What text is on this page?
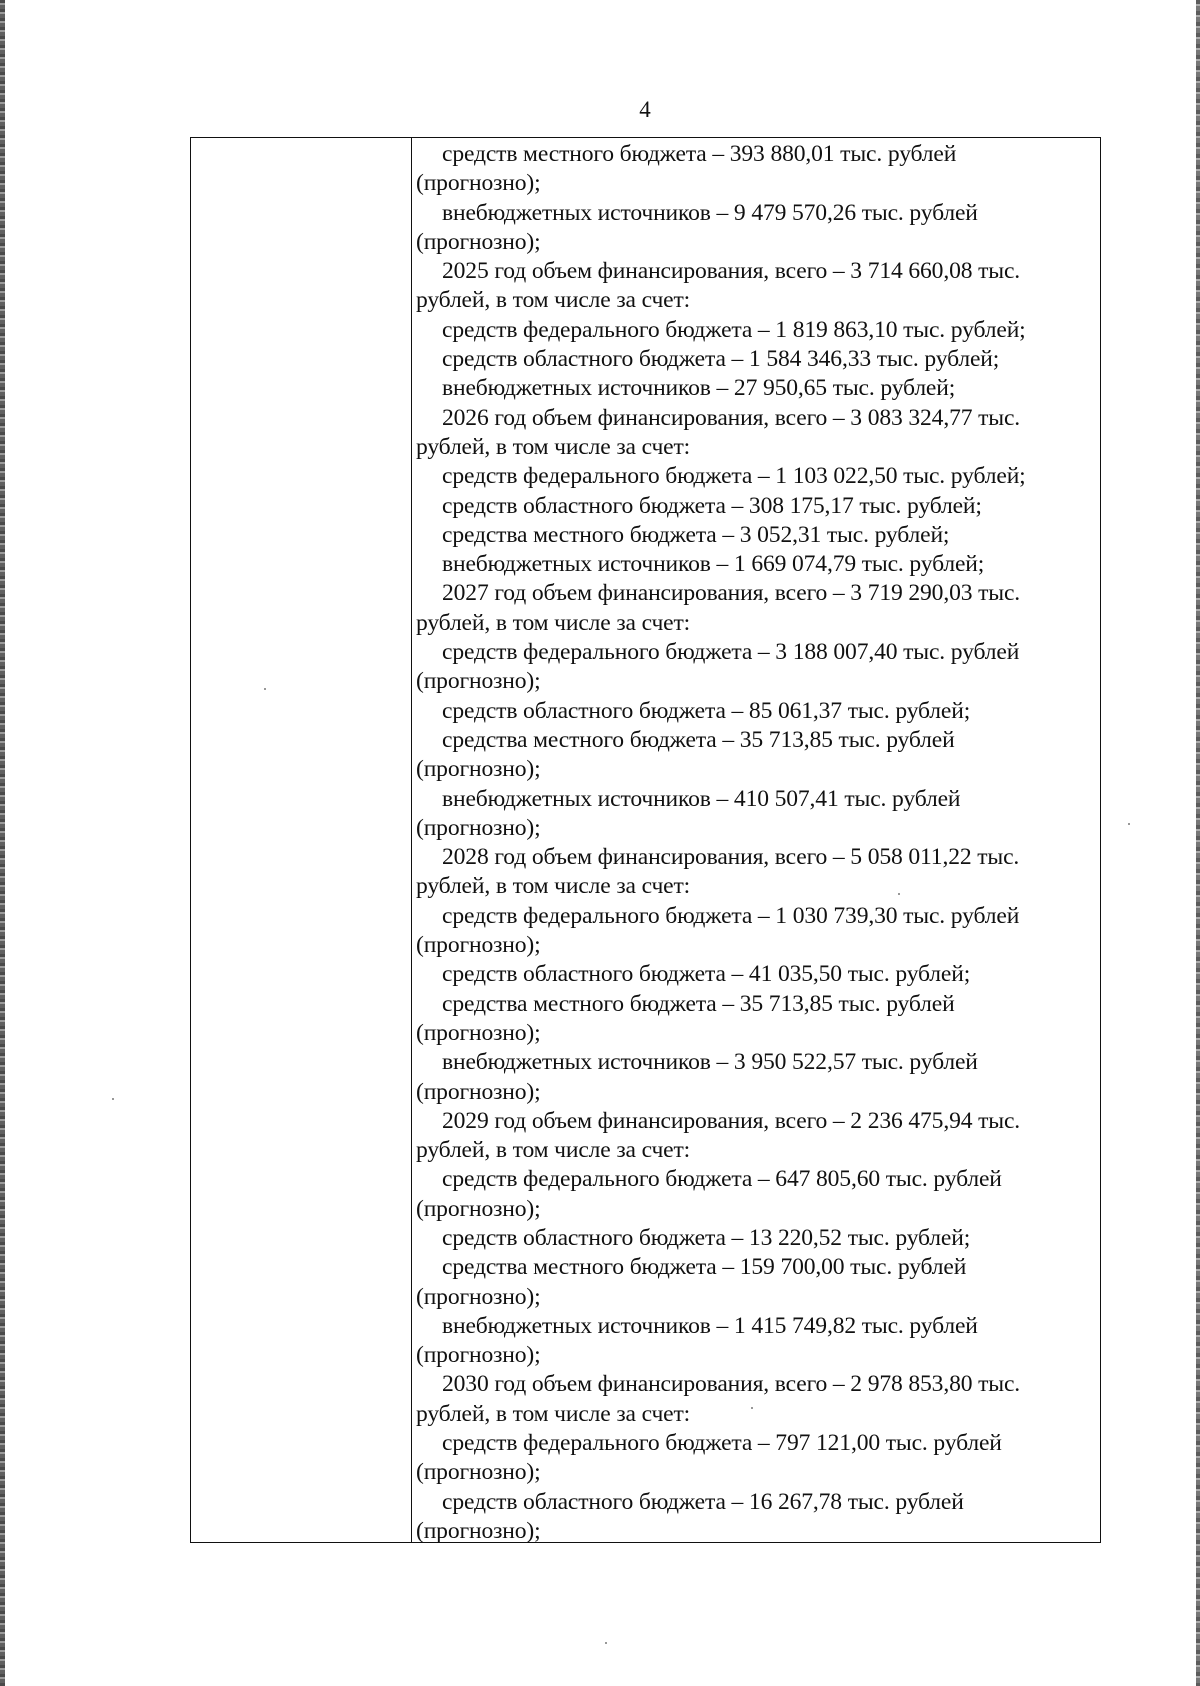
4
средств местного бюджета – 393 880,01 тыс. рублей
(прогнозно);
внебюджетных источников – 9 479 570,26 тыс. рублей
(прогнозно);
2025 год объем финансирования, всего – 3 714 660,08 тыс.
рублей, в том числе за счет:
средств федерального бюджета – 1 819 863,10 тыс. рублей;
средств областного бюджета – 1 584 346,33 тыс. рублей;
внебюджетных источников – 27 950,65 тыс. рублей;
2026 год объем финансирования, всего – 3 083 324,77 тыс.
рублей, в том числе за счет:
средств федерального бюджета – 1 103 022,50 тыс. рублей;
средств областного бюджета – 308 175,17 тыс. рублей;
средства местного бюджета – 3 052,31 тыс. рублей;
внебюджетных источников – 1 669 074,79 тыс. рублей;
2027 год объем финансирования, всего – 3 719 290,03 тыс.
рублей, в том числе за счет:
средств федерального бюджета – 3 188 007,40 тыс. рублей
(прогнозно);
средств областного бюджета – 85 061,37 тыс. рублей;
средства местного бюджета – 35 713,85 тыс. рублей
(прогнозно);
внебюджетных источников – 410 507,41 тыс. рублей
(прогнозно);
2028 год объем финансирования, всего – 5 058 011,22 тыс.
рублей, в том числе за счет:
средств федерального бюджета – 1 030 739,30 тыс. рублей
(прогнозно);
средств областного бюджета – 41 035,50 тыс. рублей;
средства местного бюджета – 35 713,85 тыс. рублей
(прогнозно);
внебюджетных источников – 3 950 522,57 тыс. рублей
(прогнозно);
2029 год объем финансирования, всего – 2 236 475,94 тыс.
рублей, в том числе за счет:
средств федерального бюджета – 647 805,60 тыс. рублей
(прогнозно);
средств областного бюджета – 13 220,52 тыс. рублей;
средства местного бюджета – 159 700,00 тыс. рублей
(прогнозно);
внебюджетных источников – 1 415 749,82 тыс. рублей
(прогнозно);
2030 год объем финансирования, всего – 2 978 853,80 тыс.
рублей, в том числе за счет:
средств федерального бюджета – 797 121,00 тыс. рублей
(прогнозно);
средств областного бюджета – 16 267,78 тыс. рублей
(прогнозно);
